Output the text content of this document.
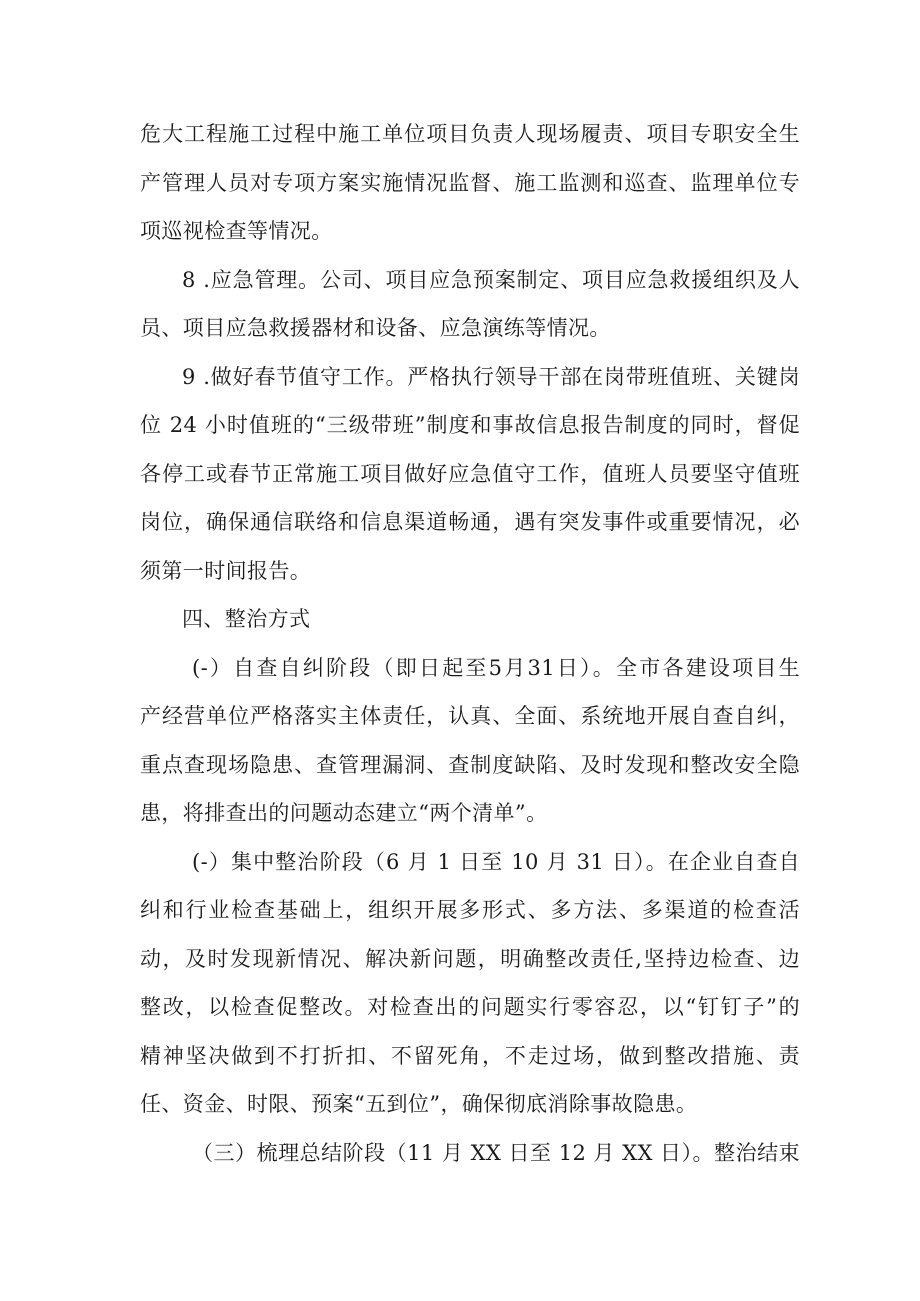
危大工程施工过程中施工单位项目负责人现场履责、项目专职安全生
产管理人员对专项方案实施情况监督、施工监测和巡查、监理单位专
项巡视检查等情况。
8 .应急管理。公司、项目应急预案制定、项目应急救援组织及人
员、项目应急救援器材和设备、应急演练等情况。
9 .做好春节值守工作。严格执行领导干部在岗带班值班、关键岗
位 24 小时值班的“三级带班”制度和事故信息报告制度的同时，督促
各停工或春节正常施工项目做好应急值守工作，值班人员要坚守值班
岗位，确保通信联络和信息渠道畅通，遇有突发事件或重要情况，必
须第一时间报告。
四、整治方式
(-）自查自纠阶段（即日起至5月31日）。全市各建设项目生
产经营单位严格落实主体责任，认真、全面、系统地开展自查自纠，
重点查现场隐患、查管理漏洞、查制度缺陷、及时发现和整改安全隐
患，将排查出的问题动态建立“两个清单”。
(-）集中整治阶段（6 月 1 日至 10 月 31 日）。在企业自查自
纠和行业检查基础上，组织开展多形式、多方法、多渠道的检查活
动，及时发现新情况、解决新问题，明确整改责任,坚持边检查、边
整改，以检查促整改。对检查出的问题实行零容忍，以“钉钉子”的
精神坚决做到不打折扣、不留死角，不走过场，做到整改措施、责
任、资金、时限、预案“五到位”，确保彻底消除事故隐患。
（三）梳理总结阶段（11 月 XX 日至 12 月 XX 日）。整治结束
